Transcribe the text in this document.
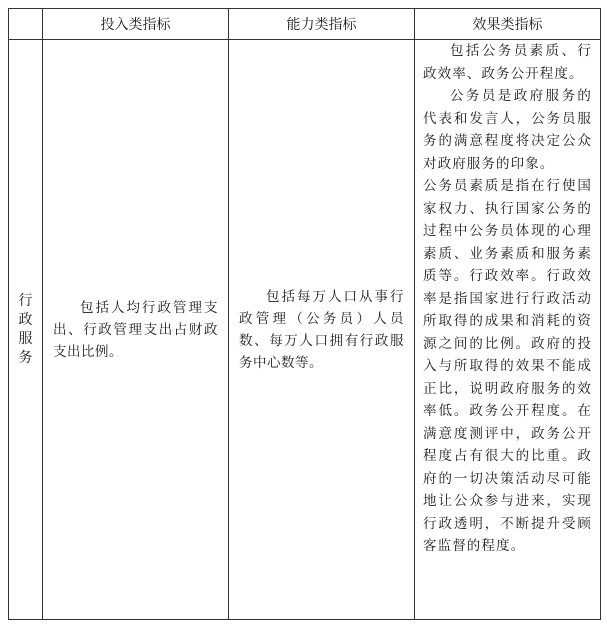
	投入类指标	能力类指标	效果类指标
行政服务	包括人均行政管理支出、行政管理支出占财政支出比例。	包括每万人口从事行政管理（公务员）人员数、每万人口拥有行政服务中心数等。	包括公务员素质、行政效率、政务公开程度。

公务员是政府服务的代表和发言人，公务员服务的满意程度将决定公众对政府服务的印象。

公务员素质是指在行使国家权力、执行国家公务的过程中公务员体现的心理素质、业务素质和服务素质等。行政效率。行政效率是指国家进行行政活动所取得的成果和消耗的资源之间的比例。政府的投入与所取得的效果不能成正比，说明政府服务的效率低。政务公开程度。在满意度测评中，政务公开程度占有很大的比重。政府的一切决策活动尽可能地让公众参与进来，实现行政透明，不断提升受顾客监督的程度。
